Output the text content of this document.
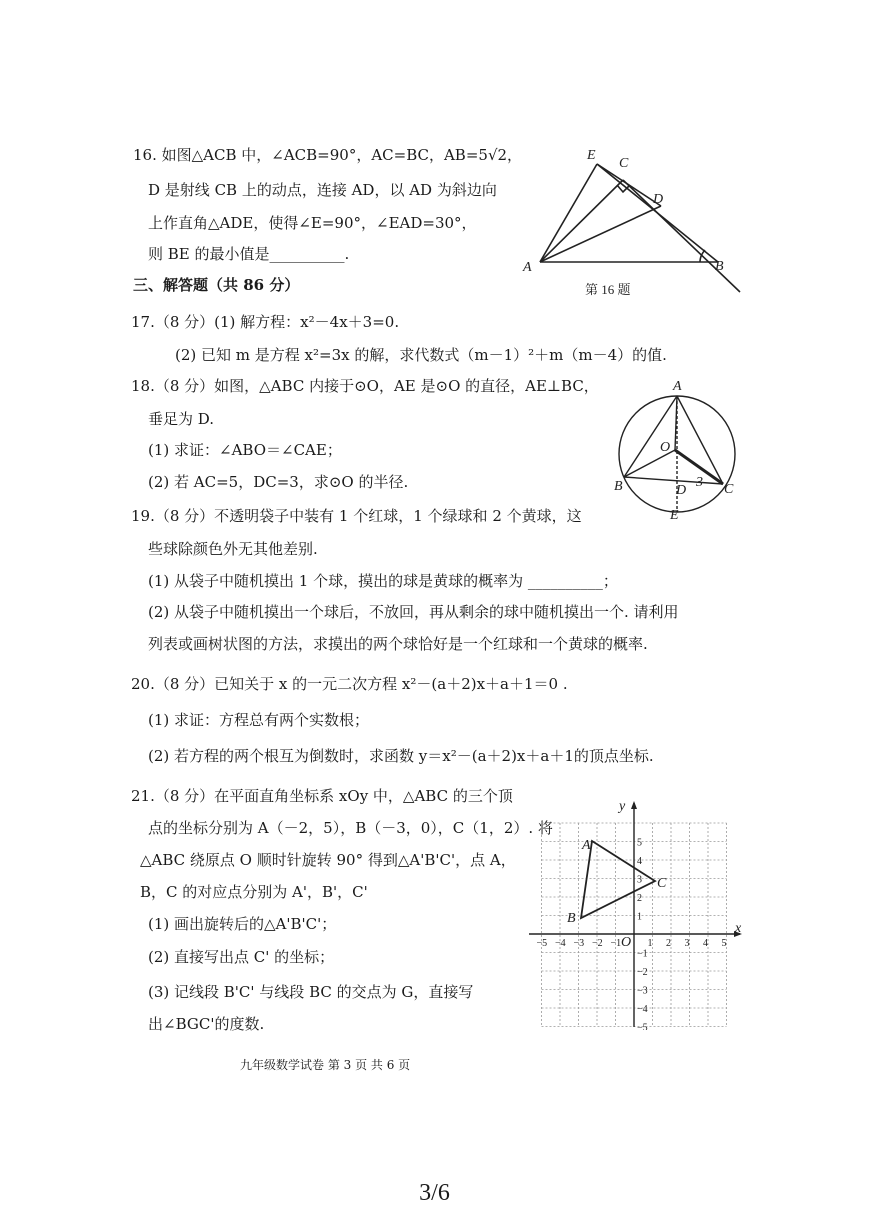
16. 如图△ACB 中，∠ACB=90°，AC=BC，AB=5√2，
D 是射线 CB 上的动点，连接 AD，以 AD 为斜边向
上作直角△ADE，使得∠E=90°，∠EAD=30°，
则 BE 的最小值是__________.
E
C
D
A	B
第 16 题
三、解答题（共 86 分）
17.（8 分）(1) 解方程：x²－4x＋3=0.
(2) 已知 m 是方程 x²=3x 的解，求代数式（m－1）²＋m（m－4）的值.
18.（8 分）如图，△ABC 内接于⊙O，AE 是⊙O 的直径，AE⊥BC，
垂足为 D.
(1) 求证：∠ABO＝∠CAE；
(2) 若 AC=5，DC=3，求⊙O 的半径.
A
O
B	D
3 C
E
19.（8 分）不透明袋子中装有 1 个红球，1 个绿球和 2 个黄球，这
些球除颜色外无其他差别.
(1) 从袋子中随机摸出 1 个球，摸出的球是黄球的概率为 __________；
(2) 从袋子中随机摸出一个球后，不放回，再从剩余的球中随机摸出一个. 请利用
列表或画树状图的方法，求摸出的两个球恰好是一个红球和一个黄球的概率.
20.（8 分）已知关于 x 的一元二次方程 x²－(a＋2)x＋a＋1＝0 .
(1) 求证：方程总有两个实数根；
(2) 若方程的两个根互为倒数时，求函数 y＝x²－(a＋2)x＋a＋1的顶点坐标.
21.（8 分）在平面直角坐标系 xOy 中，△ABC 的三个顶
点的坐标分别为 A（－2，5），B（－3，0），C（1，2）. 将
△ABC 绕原点 O 顺时针旋转 90° 得到△A'B'C'，点 A，
B，C 的对应点分别为 A'，B'，C'
(1) 画出旋转后的△A'B'C'；
(2) 直接写出点 C' 的坐标；
(3) 记线段 B'C' 与线段 BC 的交点为 G，直接写
出∠BGC'的度数.
x
y
O
A
B
C
−5 −4 −3 −2 −1	1 2 3 4 5
5
4
3
2
1
−1
−2
−3
−4
−5
九年级数学试卷 第 3 页 共 6 页
3/6
